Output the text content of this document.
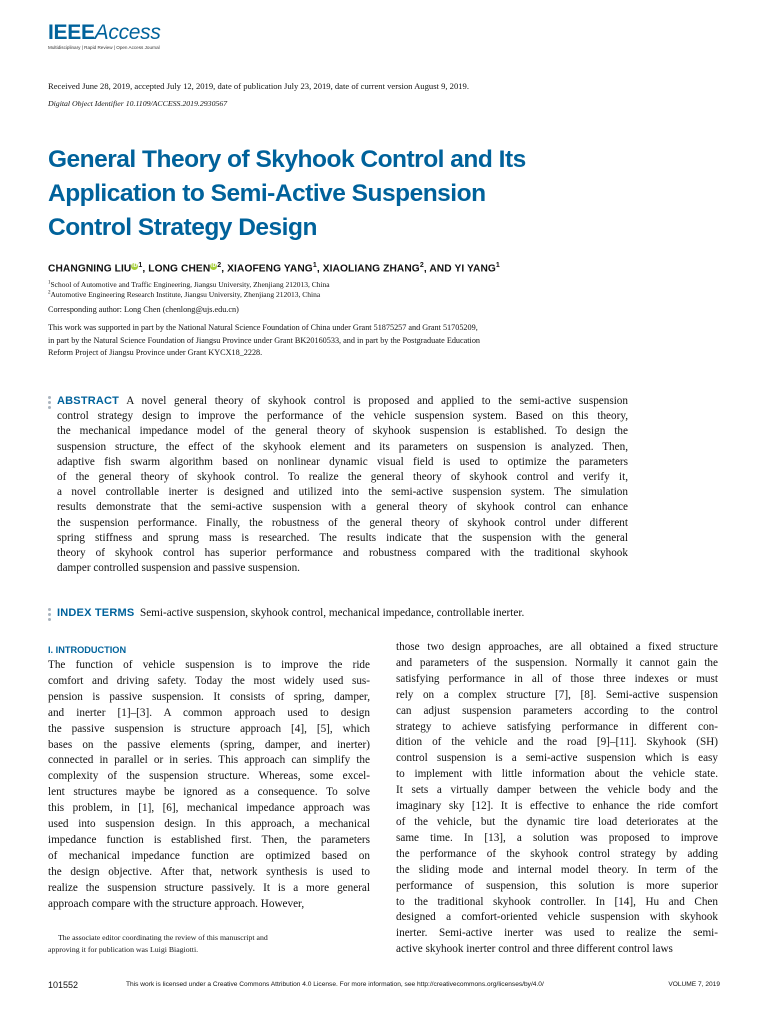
IEEEAccess
Multidisciplinary | Rapid Review | Open Access Journal
Received June 28, 2019, accepted July 12, 2019, date of publication July 23, 2019, date of current version August 9, 2019.
Digital Object Identifier 10.1109/ACCESS.2019.2930567
General Theory of Skyhook Control and Its
Application to Semi-Active Suspension
Control Strategy Design
CHANGNING LIUiD$^1$, LONG CHENiD$^2$, XIAOFENG YANG$^1$, XIAOLIANG ZHANG$^2$, AND YI YANG$^1$
$^1$School of Automotive and Traffic Engineering, Jiangsu University, Zhenjiang 212013, China
$^2$Automotive Engineering Research Institute, Jiangsu University, Zhenjiang 212013, China
Corresponding author: Long Chen (chenlong@ujs.edu.cn)
This work was supported in part by the National Natural Science Foundation of China under Grant 51875257 and Grant 51705209,
in part by the Natural Science Foundation of Jiangsu Province under Grant BK20160533, and in part by the Postgraduate Education
Reform Project of Jiangsu Province under Grant KYCX18_2228.
ABSTRACT A novel general theory of skyhook control is proposed and applied to the semi-active suspension
control strategy design to improve the performance of the vehicle suspension system. Based on this theory,
the mechanical impedance model of the general theory of skyhook suspension is established. To design the
suspension structure, the effect of the skyhook element and its parameters on suspension is analyzed. Then,
adaptive fish swarm algorithm based on nonlinear dynamic visual field is used to optimize the parameters
of the general theory of skyhook control. To realize the general theory of skyhook control and verify it,
a novel controllable inerter is designed and utilized into the semi-active suspension system. The simulation
results demonstrate that the semi-active suspension with a general theory of skyhook control can enhance
the suspension performance. Finally, the robustness of the general theory of skyhook control under different
spring stiffness and sprung mass is researched. The results indicate that the suspension with the general
theory of skyhook control has superior performance and robustness compared with the traditional skyhook
damper controlled suspension and passive suspension.
INDEX TERMS Semi-active suspension, skyhook control, mechanical impedance, controllable inerter.
I. INTRODUCTION
The function of vehicle suspension is to improve the ride
comfort and driving safety. Today the most widely used sus-
pension is passive suspension. It consists of spring, damper,
and inerter [1]–[3]. A common approach used to design
the passive suspension is structure approach [4], [5], which
bases on the passive elements (spring, damper, and inerter)
connected in parallel or in series. This approach can simplify the
complexity of the suspension structure. Whereas, some excel-
lent structures maybe be ignored as a consequence. To solve
this problem, in [1], [6], mechanical impedance approach was
used into suspension design. In this approach, a mechanical
impedance function is established first. Then, the parameters
of mechanical impedance function are optimized based on
the design objective. After that, network synthesis is used to
realize the suspension structure passively. It is a more general
approach compare with the structure approach. However,
those two design approaches, are all obtained a fixed structure
and parameters of the suspension. Normally it cannot gain the
satisfying performance in all of those three indexes or must
rely on a complex structure [7], [8]. Semi-active suspension
can adjust suspension parameters according to the control
strategy to achieve satisfying performance in different con-
dition of the vehicle and the road [9]–[11]. Skyhook (SH)
control suspension is a semi-active suspension which is easy
to implement with little information about the vehicle state.
It sets a virtually damper between the vehicle body and the
imaginary sky [12]. It is effective to enhance the ride comfort
of the vehicle, but the dynamic tire load deteriorates at the
same time. In [13], a solution was proposed to improve
the performance of the skyhook control strategy by adding
the sliding mode and internal model theory. In term of the
performance of suspension, this solution is more superior
to the traditional skyhook controller. In [14], Hu and Chen
designed a comfort-oriented vehicle suspension with skyhook
inerter. Semi-active inerter was used to realize the semi-
active skyhook inerter control and three different control laws
The associate editor coordinating the review of this manuscript and
approving it for publication was Luigi Biagiotti.
101552	This work is licensed under a Creative Commons Attribution 4.0 License. For more information, see http://creativecommons.org/licenses/by/4.0/	VOLUME 7, 2019
